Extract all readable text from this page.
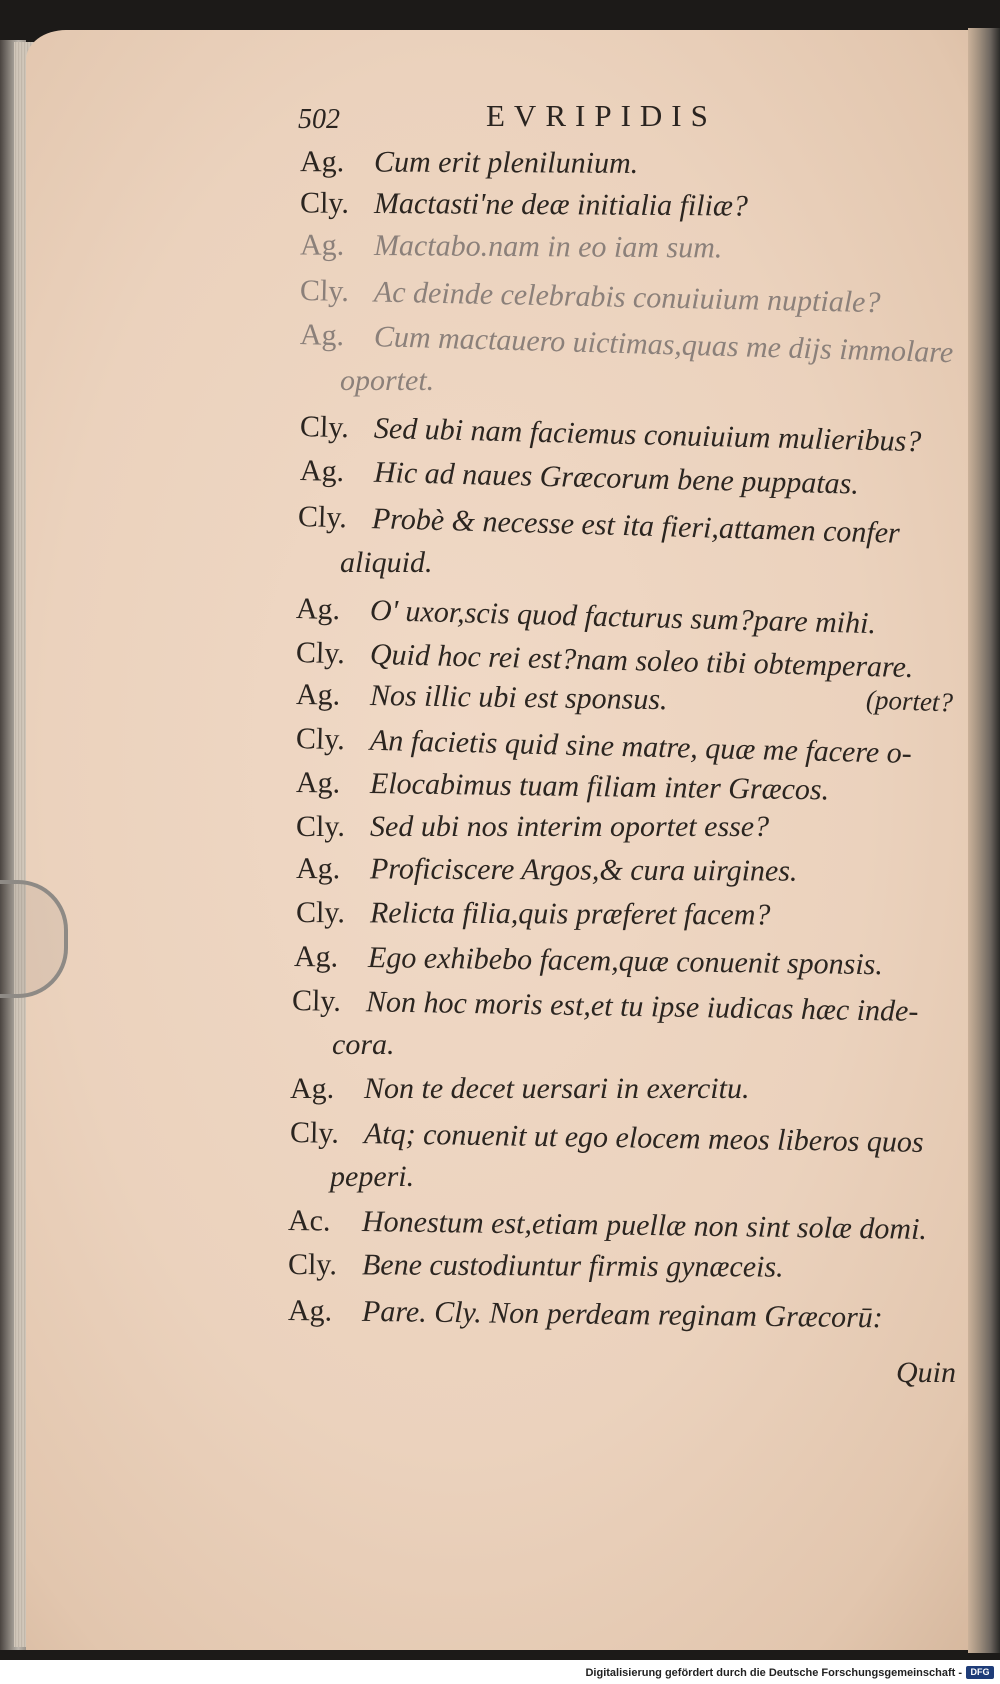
502	EVRIPIDIS
Ag. Cum erit plenilunium.
Cly. Mactasti'ne deæ initialia filiæ?
Ag. Mactabo.nam in eo iam sum.
Cly. Ac deinde celebrabis conuiuium nuptiale?
Ag. Cum mactauero uictimas,quas me dijs immolare
oportet.
Cly. Sed ubi nam faciemus conuiuium mulieribus?
Ag. Hic ad naues Græcorum bene puppatas.
Cly. Probè & necesse est ita fieri,attamen confer
aliquid.
Ag. O' uxor,scis quod facturus sum?pare mihi.
Cly. Quid hoc rei est?nam soleo tibi obtemperare.
Ag. Nos illic ubi est sponsus.	(portet?
Cly. An facietis quid sine matre, quæ me facere o-
Ag. Elocabimus tuam filiam inter Græcos.
Cly. Sed ubi nos interim oportet esse?
Ag. Proficiscere Argos,& cura uirgines.
Cly. Relicta filia,quis præferet facem?
Ag. Ego exhibebo facem,quæ conuenit sponsis.
Cly. Non hoc moris est,et tu ipse iudicas hæc inde-
cora.
Ag. Non te decet uersari in exercitu.
Cly. Atq; conuenit ut ego elocem meos liberos quos
peperi.
Ac. Honestum est,etiam puellæ non sint solæ domi.
Cly. Bene custodiuntur firmis gynæceis.
Ag. Pare. Cly. Non perdeam reginam Græcorū:
Quin
Digitalisierung gefördert durch die Deutsche Forschungsgemeinschaft - DFG
